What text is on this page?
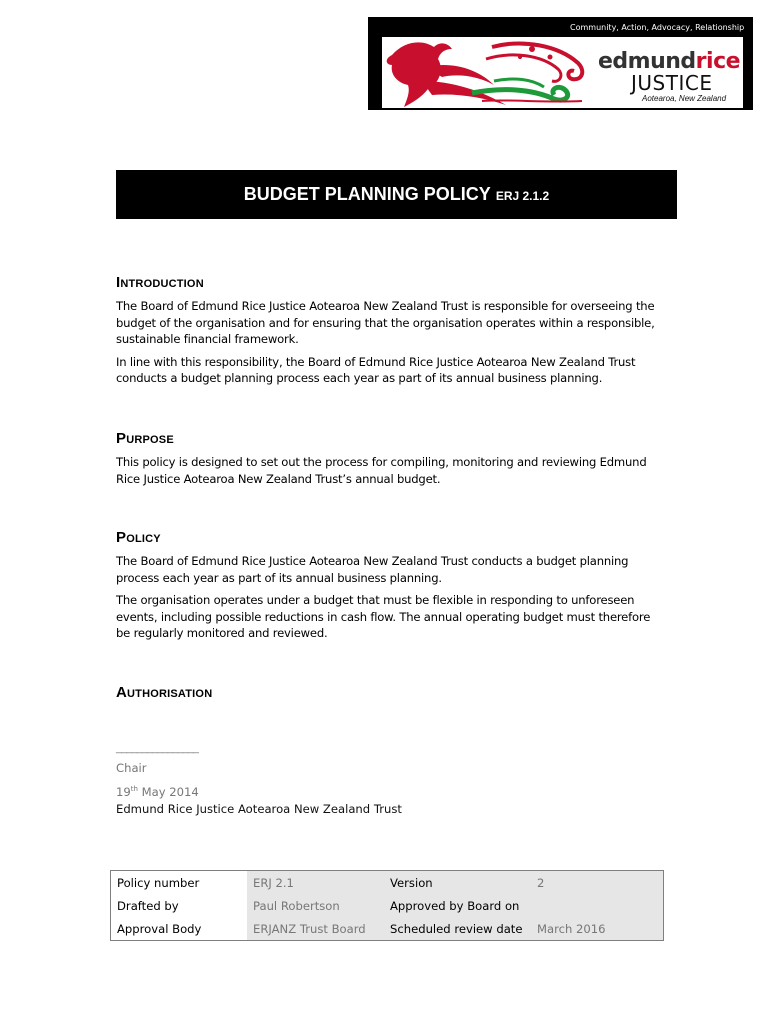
Community, Action, Advocacy, Relationship
edmundrice
JUSTICE
Aotearoa, New Zealand
BUDGET PLANNING POLICY ERJ 2.1.2
Introduction

The Board of Edmund Rice Justice Aotearoa New Zealand Trust is responsible for overseeing the budget of the organisation and for ensuring that the organisation operates within a responsible, sustainable financial framework.

In line with this responsibility, the Board of Edmund Rice Justice Aotearoa New Zealand Trust conducts a budget planning process each year as part of its annual business planning.

Purpose

This policy is designed to set out the process for compiling, monitoring and reviewing Edmund Rice Justice Aotearoa New Zealand Trust’s annual budget.

Policy

The Board of Edmund Rice Justice Aotearoa New Zealand Trust conducts a budget planning process each year as part of its annual business planning.

The organisation operates under a budget that must be flexible in responding to unforeseen events, including possible reductions in cash flow. The annual operating budget must therefore be regularly monitored and reviewed.

Authorisation
________________
Chair
19th May 2014
Edmund Rice Justice Aotearoa New Zealand Trust
Policy number	ERJ 2.1	Version	2
Drafted by	Paul Robertson	Approved by Board on	
Approval Body	ERJANZ Trust Board	Scheduled review date	March 2016
